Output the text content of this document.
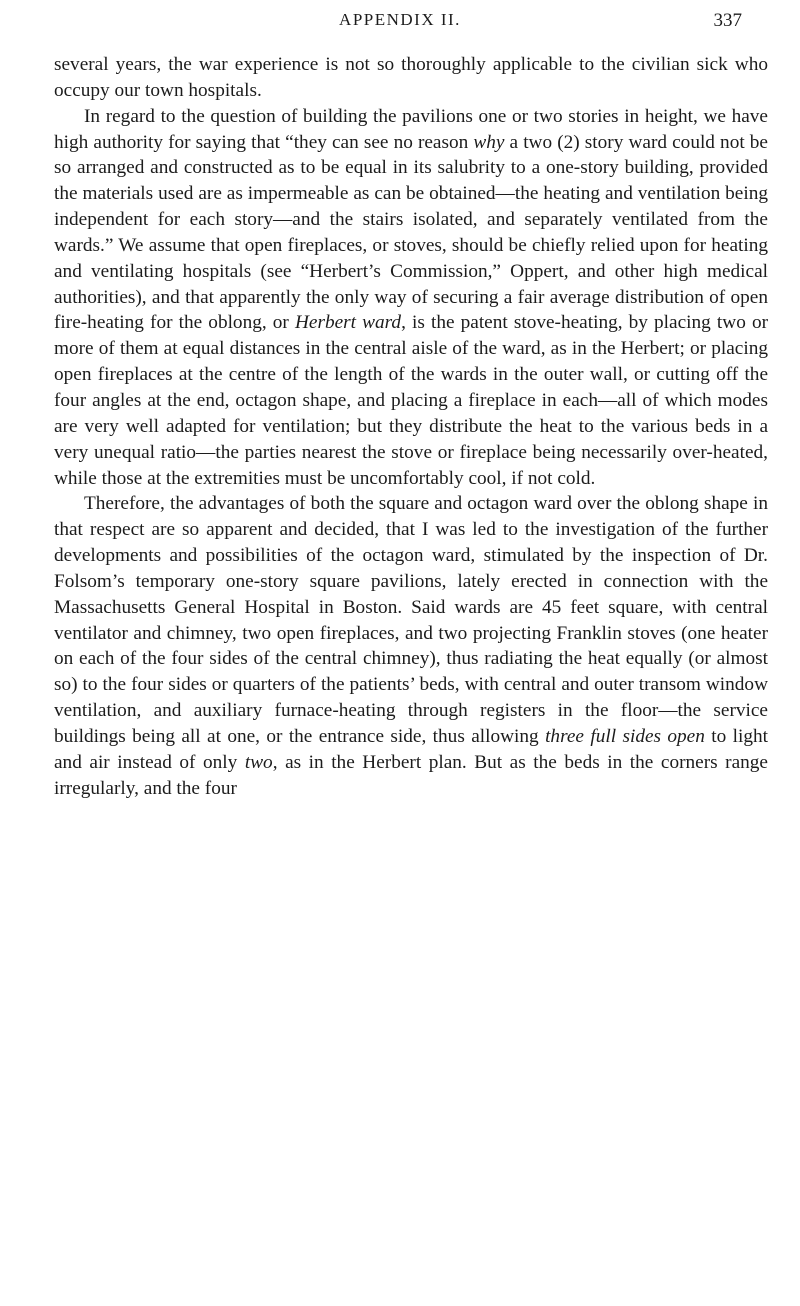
APPENDIX II.	337

several years, the war experience is not so thoroughly applicable to the civilian sick who occupy our town hospitals.

In regard to the question of building the pavilions one or two stories in height, we have high authority for saying that “they can see no reason why a two (2) story ward could not be so arranged and constructed as to be equal in its salubrity to a one-story building, provided the materials used are as impermeable as can be obtained—the heating and ventilation being independent for each story—and the stairs isolated, and separately ventilated from the wards.” We assume that open fireplaces, or stoves, should be chiefly relied upon for heating and ventilating hospitals (see “Herbert’s Commission,” Oppert, and other high medical authorities), and that apparently the only way of securing a fair average distribution of open fire-heating for the oblong, or Herbert ward, is the patent stove-heating, by placing two or more of them at equal distances in the central aisle of the ward, as in the Herbert; or placing open fireplaces at the centre of the length of the wards in the outer wall, or cutting off the four angles at the end, octagon shape, and placing a fireplace in each—all of which modes are very well adapted for ventilation; but they distribute the heat to the various beds in a very unequal ratio—the parties nearest the stove or fireplace being necessarily over-heated, while those at the extremities must be uncomfortably cool, if not cold.

Therefore, the advantages of both the square and octagon ward over the oblong shape in that respect are so apparent and decided, that I was led to the investigation of the further developments and possibilities of the octagon ward, stimulated by the inspection of Dr. Folsom’s temporary one-story square pavilions, lately erected in connection with the Massachusetts General Hospital in Boston. Said wards are 45 feet square, with central ventilator and chimney, two open fireplaces, and two projecting Franklin stoves (one heater on each of the four sides of the central chimney), thus radiating the heat equally (or almost so) to the four sides or quarters of the patients’ beds, with central and outer transom window ventilation, and auxiliary furnace-heating through registers in the floor—the service buildings being all at one, or the entrance side, thus allowing three full sides open to light and air instead of only two, as in the Herbert plan. But as the beds in the corners range irregularly, and the four
